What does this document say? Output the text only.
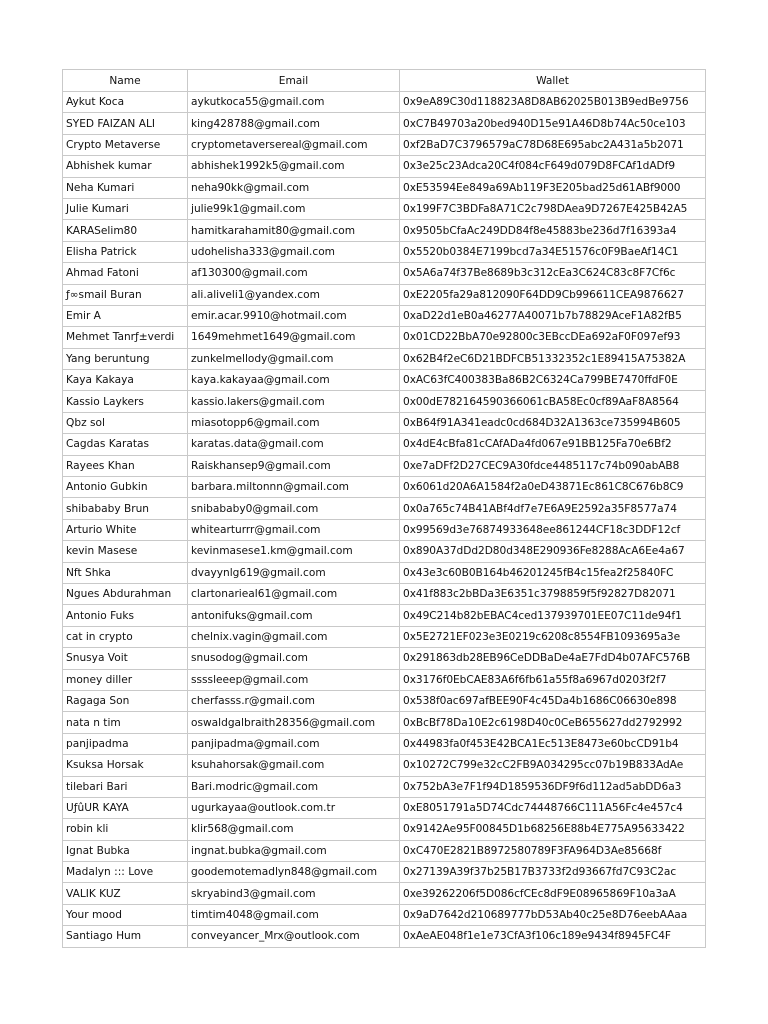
Name	Email	Wallet
Aykut Koca	aykutkoca55@gmail.com	0x9eA89C30d118823A8D8AB62025B013B9edBe9756
SYED FAIZAN ALI	king428788@gmail.com	0xC7B49703a20bed940D15e91A46D8b74Ac50ce103
Crypto Metaverse	cryptometaversereal@gmail.com	0xf2BaD7C3796579aC78D68E695abc2A431a5b2071
Abhishek kumar	abhishek1992k5@gmail.com	0x3e25c23Adca20C4f084cF649d079D8FCAf1dADf9
Neha Kumari	neha90kk@gmail.com	0xE53594Ee849a69Ab119F3E205bad25d61ABf9000
Julie Kumari	julie99k1@gmail.com	0x199F7C3BDFa8A71C2c798DAea9D7267E425B42A5
KARASelim80	hamitkarahamit80@gmail.com	0x9505bCfaAc249DD84f8e45883be236d7f16393a4
Elisha Patrick	udohelisha333@gmail.com	0x5520b0384E7199bcd7a34E51576c0F9BaeAf14C1
Ahmad Fatoni	af130300@gmail.com	0x5A6a74f37Be8689b3c312cEa3C624C83c8F7Cf6c
ƒ∞smail Buran	ali.aliveli1@yandex.com	0xE2205fa29a812090F64DD9Cb996611CEA9876627
Emir A	emir.acar.9910@hotmail.com	0xaD22d1eB0a46277A40071b7b78829AceF1A82fB5
Mehmet Tanrƒ±verdi	1649mehmet1649@gmail.com	0x01CD22BbA70e92800c3EBccDEa692aF0F097ef93
Yang beruntung	zunkelmellody@gmail.com	0x62B4f2eC6D21BDFCB51332352c1E89415A75382A
Kaya Kakaya	kaya.kakayaa@gmail.com	0xAC63fC400383Ba86B2C6324Ca799BE7470ffdF0E
Kassio Laykers	kassio.lakers@gmail.com	0x00dE782164590366061cBA58Ec0cf89AaF8A8564
Qbz sol	miasotopp6@gmail.com	0xB64f91A341eadc0cd684D32A1363ce735994B605
Cagdas Karatas	karatas.data@gmail.com	0x4dE4cBfa81cCAfADa4fd067e91BB125Fa70e6Bf2
Rayees Khan	Raiskhansep9@gmail.com	0xe7aDFf2D27CEC9A30fdce4485117c74b090abAB8
Antonio Gubkin	barbara.miltonnn@gmail.com	0x6061d20A6A1584f2a0eD43871Ec861C8C676b8C9
shibababy Brun	snibababy0@gmail.com	0x0a765c74B41ABf4df7e7E6A9E2592a35F8577a74
Arturio White	whitearturrr@gmail.com	0x99569d3e76874933648ee861244CF18c3DDF12cf
kevin Masese	kevinmasese1.km@gmail.com	0x890A37dDd2D80d348E290936Fe8288AcA6Ee4a67
Nft Shka	dvayynlg619@gmail.com	0x43e3c60B0B164b46201245fB4c15fea2f25840FC
Ngues Abdurahman	clartonarieal61@gmail.com	0x41f883c2bBDa3E6351c3798859f5f92827D82071
Antonio Fuks	antonifuks@gmail.com	0x49C214b82bEBAC4ced137939701EE07C11de94f1
cat in crypto	chelnix.vagin@gmail.com	0x5E2721EF023e3E0219c6208c8554FB1093695a3e
Snusya Voit	snusodog@gmail.com	0x291863db28EB96CeDDBaDe4aE7FdD4b07AFC576B
money diller	ssssleeep@gmail.com	0x3176f0EbCAE83A6f6fb61a55f8a6967d0203f2f7
Ragaga Son	cherfasss.r@gmail.com	0x538f0ac697afBEE90F4c45Da4b1686C06630e898
nata n tim	oswaldgalbraith28356@gmail.com	0xBcBf78Da10E2c6198D40c0CeB655627dd2792992
panjipadma	panjipadma@gmail.com	0x44983fa0f453E42BCA1Ec513E8473e60bcCD91b4
Ksuksa Horsak	ksuhahorsak@gmail.com	0x10272C799e32cC2FB9A034295cc07b19B833AdAe
tilebari Bari	Bari.modric@gmail.com	0x752bA3e7F1f94D1859536DF9f6d112ad5abDD6a3
UƒûUR KAYA	ugurkayaa@outlook.com.tr	0xE8051791a5D74Cdc74448766C111A56Fc4e457c4
robin kli	klir568@gmail.com	0x9142Ae95F00845D1b68256E88b4E775A95633422
Ignat Bubka	ingnat.bubka@gmail.com	0xC470E2821B8972580789F3FA964D3Ae85668f
Madalyn ::: Love	goodemotemadlyn848@gmail.com	0x27139A39f37b25B17B3733f2d93667fd7C93C2ac
VALIK KUZ	skryabind3@gmail.com	0xe39262206f5D086cfCEc8dF9E08965869F10a3aA
Your mood	timtim4048@gmail.com	0x9aD7642d210689777bD53Ab40c25e8D76eebAAaa
Santiago Hum	conveyancer_Mrx@outlook.com	0xAeAE048f1e1e73CfA3f106c189e9434f8945FC4F
